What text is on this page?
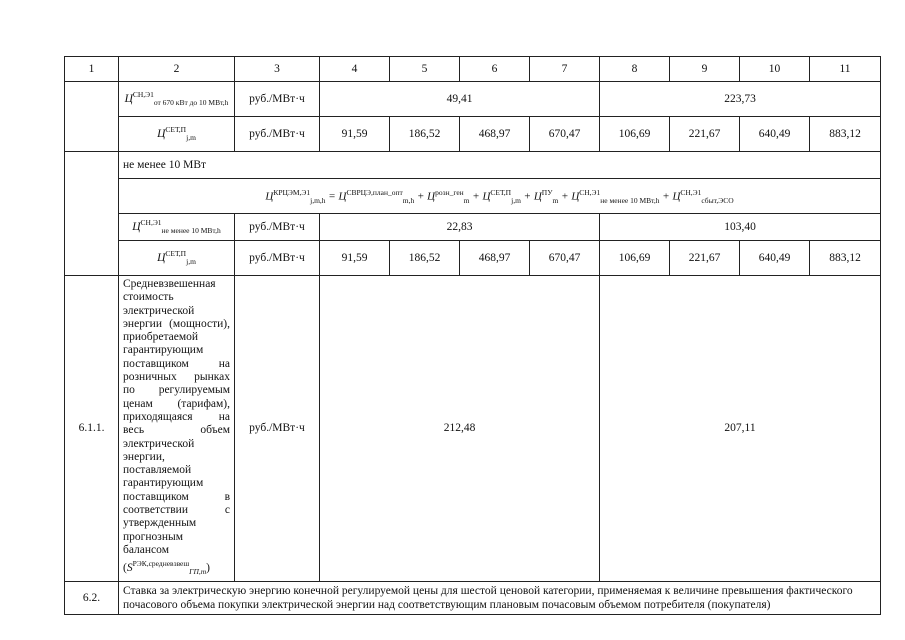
1	2	3	4	5	6	7	8	9	10	11
	$Ц^{СН,Э1}_{от 670 кВт до 10 МВт,h}$	руб./МВт·ч	49,41				223,73			
	$Ц^{СЕТ,П}_{j,m}$	руб./МВт·ч	91,59	186,52	468,97	670,47	106,69	221,67	640,49	883,12
	не менее 10 МВт									
	$Ц^{КРЦЭМ,Э1}_{j,m,h} = Ц^{СВРЦЭ,план\_опт}_{m,h} + Ц^{розн\_ген}_m + Ц^{СЕТ,П}_{j,m} + Ц^{ПУ}_m + Ц^{СН,Э1}_{не менее 10 МВт,h} + Ц^{СН,Э1}_{сбыт,ЭСО}$
	$Ц^{СН,Э1}_{не менее 10 МВт,h}$	руб./МВт·ч	22,83				103,40			
	$Ц^{СЕТ,П}_{j,m}$	руб./МВт·ч	91,59	186,52	468,97	670,47	106,69	221,67	640,49	883,12
6.1.1.	Средневзвешенная стоимость электрической энергии (мощности), приобретаемой гарантирующим поставщиком на розничных рынках по регулируемым ценам (тарифам), приходящаяся на весь объем электрической энергии, поставляемой гарантирующим поставщиком в соответствии с утвержденным прогнозным балансом $(S^{РЭК,средневзвеш}_{ГП,m})$	руб./МВт·ч	212,48				207,11			
6.2.	Ставка за электрическую энергию конечной регулируемой цены для шестой ценовой категории, применяемая к величине превышения фактического почасового объема покупки электрической энергии над соответствующим плановым почасовым объемом потребителя (покупателя)									
